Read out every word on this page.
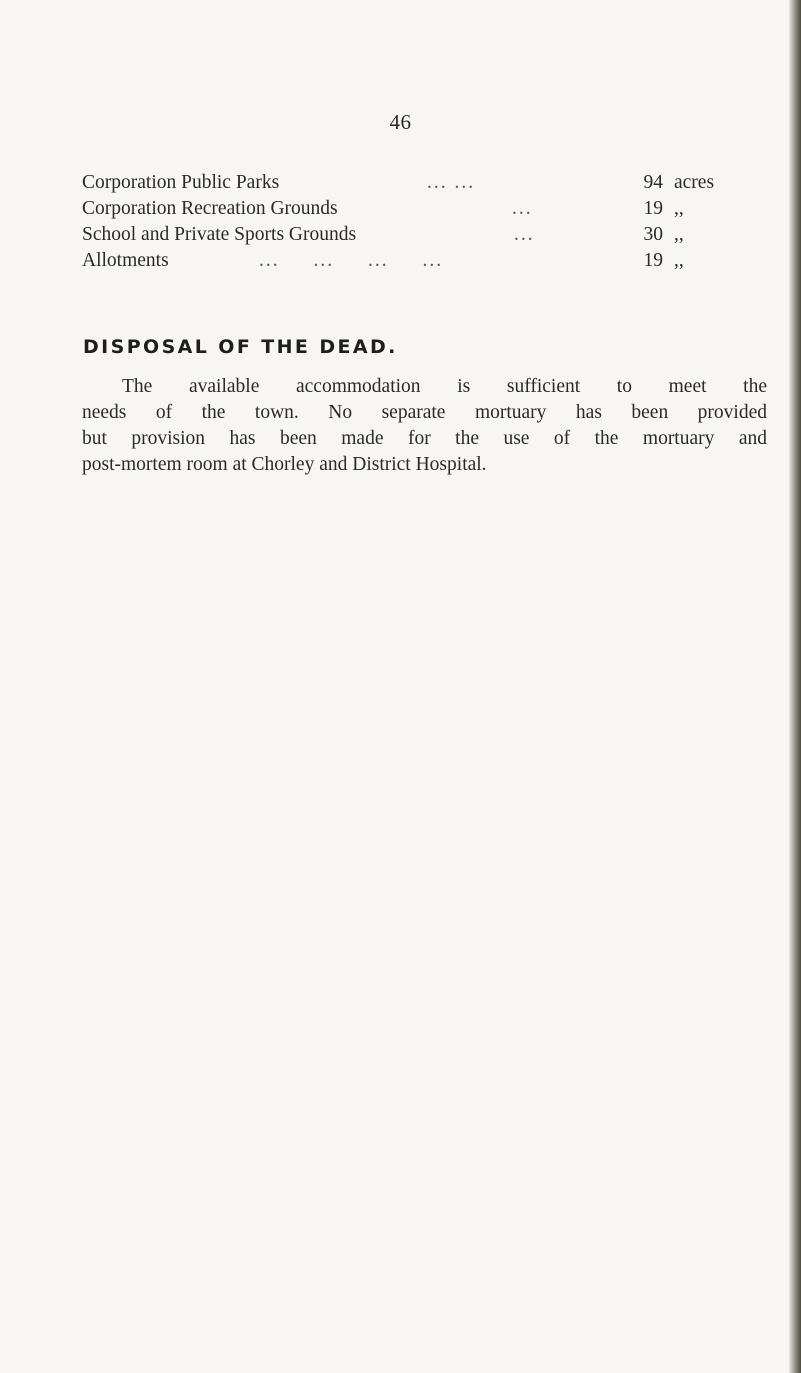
46
Corporation Public Parks	... ...	94 acres
Corporation Recreation Grounds	...	19 ,,
School and Private Sports Grounds	...	30 ,,
Allotments	... ... ... ...	19 ,,
DISPOSAL OF THE DEAD.
The available accommodation is sufficient to meet the
needs of the town. No separate mortuary has been provided
but provision has been made for the use of the mortuary and
post-mortem room at Chorley and District Hospital.
